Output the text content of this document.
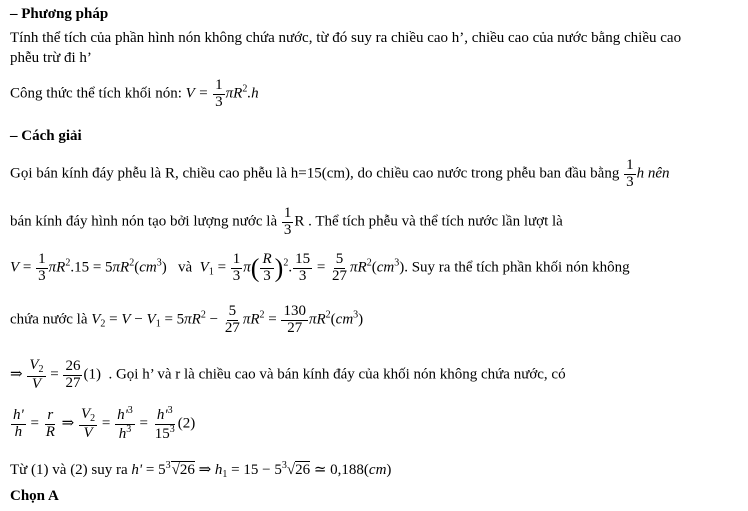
– Phương pháp
Tính thể tích của phần hình nón không chứa nước, từ đó suy ra chiều cao h’, chiều cao của nước bằng chiều cao
phễu trừ đi h’
Công thức thể tích khối nón: $V = \frac{1}{3} \pi R^2.h$
– Cách giải
Gọi bán kính đáy phễu là R, chiều cao phễu là h=15(cm), do chiều cao nước trong phễu ban đầu bằng $\frac{1}{3}$ h nên
bán kính đáy hình nón tạo bởi lượng nước là $\frac{1}{3}$ R . Thể tích phễu và thể tích nước lần lượt là
$V = \frac{1}{3} \pi R^2.15 = 5\pi R^2(cm^3)$   và  $V_1 = \frac{1}{3} \pi( \frac{R}{3} )^2$. $\frac{15}{3} = \frac{5}{27} \pi R^2(cm^3)$. Suy ra thể tích phần khối nón không
chứa nước là $V_2 = V - V_1 = 5\pi R^2 - \frac{5}{27} \pi R^2 = \frac{130}{27} \pi R^2(cm^3)$
⇒ $\frac{V_2}{V} = \frac{26}{27} (1)$  . Gọi h’ và r là chiều cao và bán kính đáy của khối nón không chứa nước, có
$\frac{h'}{h} = \frac{r}{R}$ ⇒ $\frac{V_2}{V} = \frac{h'^3}{h^3} = \frac{h'^3}{15^3} (2)$
Từ (1) và (2) suy ra $h' = 5^3√26$ ⇒ $h_1 = 15 - 5^3√26$ ≃ 0,188(cm)
Chọn A
